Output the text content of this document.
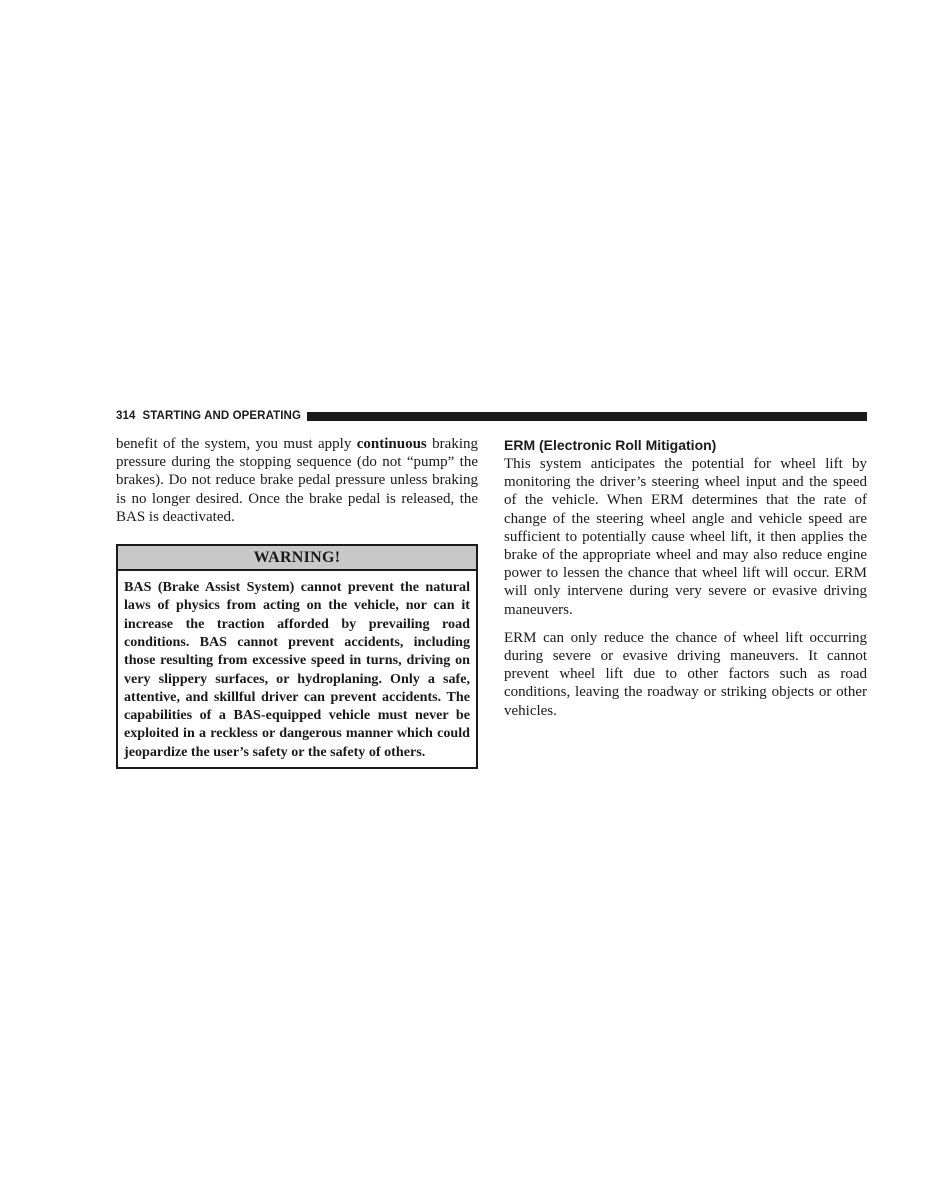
314 STARTING AND OPERATING

benefit of the system, you must apply continuous braking pressure during the stopping sequence (do not “pump” the brakes). Do not reduce brake pedal pressure unless braking is no longer desired. Once the brake pedal is released, the BAS is deactivated.

WARNING!
BAS (Brake Assist System) cannot prevent the natural laws of physics from acting on the vehicle, nor can it increase the traction afforded by prevailing road conditions. BAS cannot prevent accidents, including those resulting from excessive speed in turns, driving on very slippery surfaces, or hydroplaning. Only a safe, attentive, and skillful driver can prevent accidents. The capabilities of a BAS-equipped vehicle must never be exploited in a reckless or dangerous manner which could jeopardize the user’s safety or the safety of others.
ERM (Electronic Roll Mitigation)

This system anticipates the potential for wheel lift by monitoring the driver’s steering wheel input and the speed of the vehicle. When ERM determines that the rate of change of the steering wheel angle and vehicle speed are sufficient to potentially cause wheel lift, it then applies the brake of the appropriate wheel and may also reduce engine power to lessen the chance that wheel lift will occur. ERM will only intervene during very severe or evasive driving maneuvers.

ERM can only reduce the chance of wheel lift occurring during severe or evasive driving maneuvers. It cannot prevent wheel lift due to other factors such as road conditions, leaving the roadway or striking objects or other vehicles.
